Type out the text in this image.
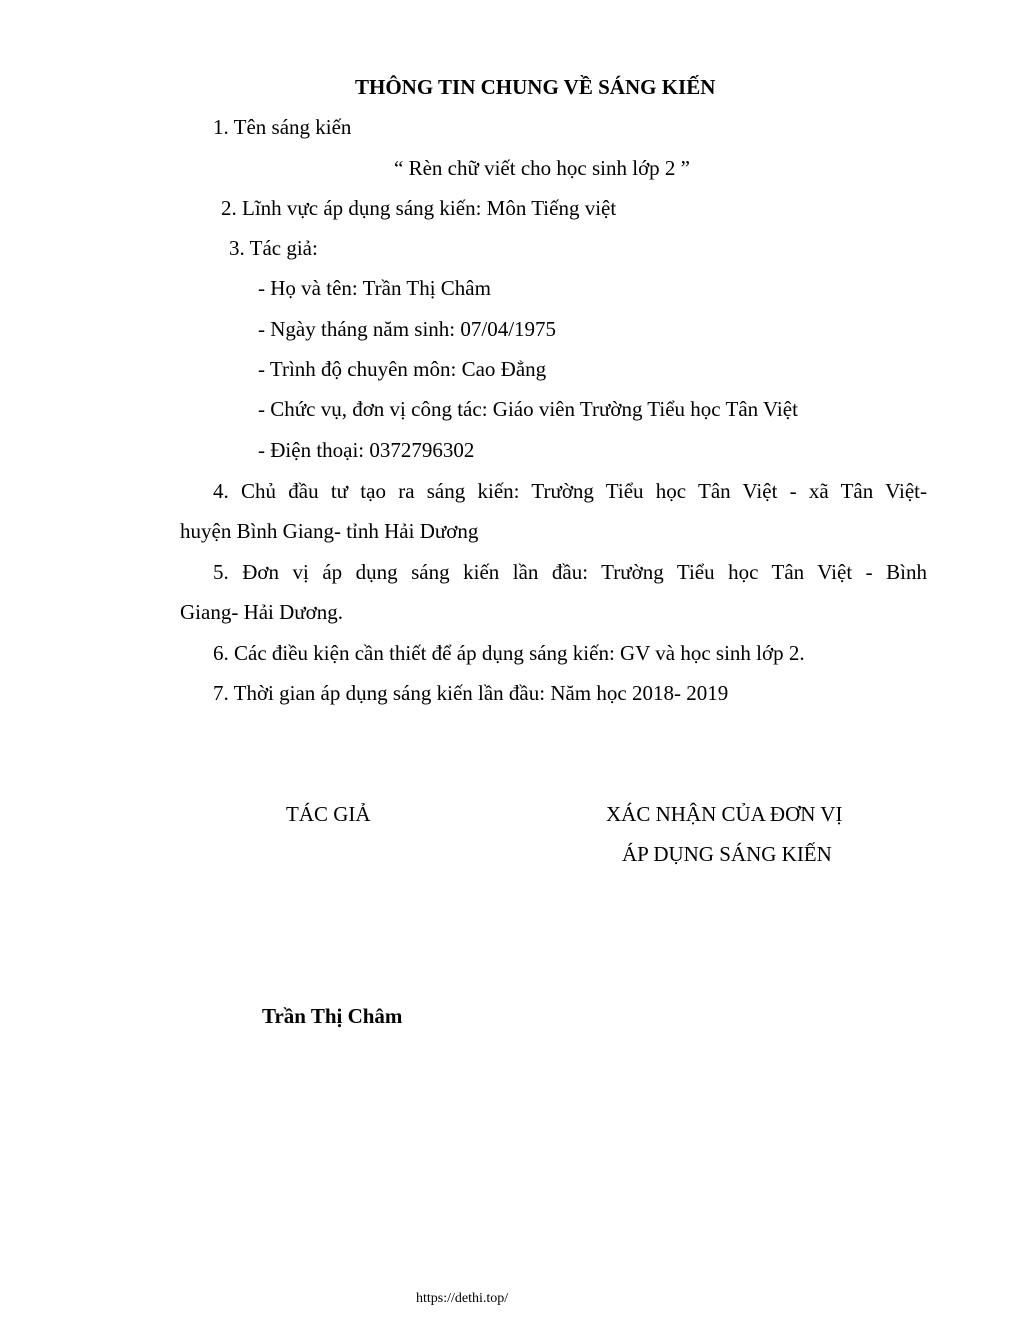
THÔNG TIN CHUNG VỀ SÁNG KIẾN
1. Tên sáng kiến
“ Rèn chữ viết cho học sinh lớp 2 ”
2. Lĩnh vực áp dụng sáng kiến: Môn Tiếng việt
3. Tác giả:
- Họ và tên: Trần Thị Châm
- Ngày tháng năm sinh: 07/04/1975
- Trình độ chuyên môn: Cao Đẳng
- Chức vụ, đơn vị công tác: Giáo viên Trường Tiểu học Tân Việt
- Điện thoại: 0372796302
4. Chủ đầu tư tạo ra sáng kiến: Trường Tiểu học Tân Việt - xã Tân Việt-
huyện Bình Giang- tỉnh Hải Dương
5. Đơn vị áp dụng sáng kiến lần đầu: Trường Tiểu học Tân Việt - Bình
Giang- Hải Dương.
6. Các điều kiện cần thiết để áp dụng sáng kiến: GV và học sinh lớp 2.
7. Thời gian áp dụng sáng kiến lần đầu: Năm học 2018- 2019
TÁC GIẢ	XÁC NHẬN CỦA ĐƠN VỊ
ÁP DỤNG SÁNG KIẾN
Trần Thị Châm
https://dethi.top/
